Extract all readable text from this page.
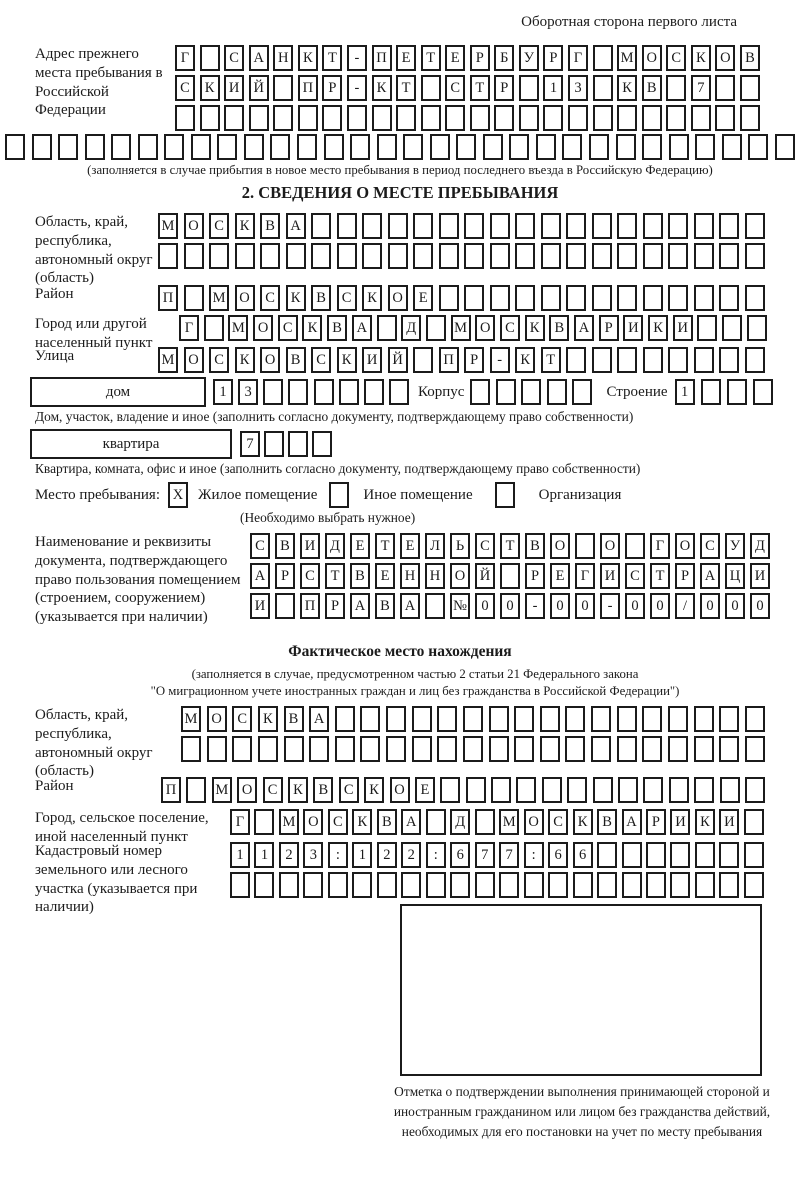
Оборотная сторона первого листа
Адрес прежнего места пребывания в Российской Федерации
Г	С А Н К	Т	-	П	Е	Т	Е	Р	Б	У	Р	Г	М О С	К О В
С	К И Й	П	Р	-	К	Т	С	Т	Р	1	3	К	В	7
(заполняется в случае прибытия в новое место пребывания в период последнего въезда в Российскую Федерацию)
2. СВЕДЕНИЯ О МЕСТЕ ПРЕБЫВАНИЯ
Область, край, республика, автономный округ (область)
М О	С	К	В	А
Район	П	М О	С	К	В	С	К	О	Е
Город или другой населенный пункт
Г	М О	С	К	В	А	Д	М О	С	К	В	А	Р	И	К	И
Улица	М О	С	К	О	В	С	К	И	Й	П	Р	-	К	Т
дом	1	3	Корпус	Строение 1
Дом, участок, владение и иное (заполнить согласно документу, подтверждающему право собственности)
квартира	7
Квартира, комната, офис и иное (заполнить согласно документу, подтверждающему право собственности)
Место пребывания: X Жилое помещение	Иное помещение	Организация
(Необходимо выбрать нужное)
Наименование и реквизиты документа, подтверждающего право пользования помещением (строением, сооружением) (указывается при наличии)
С	В	И	Д	Е	Т	Е	Л	Ь	С	Т	В	О	О	Г	О	С	У	Д
А	Р	С	Т	В	Е	Н	Н	О	Й	Р	Е	Г	И	С	Т	Р	А	Ц	И
И	П	Р	А	В	А	№ 0	0	-	0	0	-	0	0	/	0	0	0
Фактическое место нахождения
(заполняется в случае, предусмотренном частью 2 статьи 21 Федерального закона
"О миграционном учете иностранных граждан и лиц без гражданства в Российской Федерации")
Область, край, республика, автономный округ (область)
М О	С	К	В	А
Район	П	М О	С	К	В	С	К	О	Е
Город, сельское поселение, иной населенный пункт
Г	М О С	К	В А	Д	М О С	К	В А	Р	И К И
Кадастровый номер земельного или лесного участка (указывается при наличии)
1	1	2	3	:	1	2	2	:	6	7	7	:	6	6
Отметка о подтверждении выполнения принимающей стороной и иностранным гражданином или лицом без гражданства действий, необходимых для его постановки на учет по месту пребывания
